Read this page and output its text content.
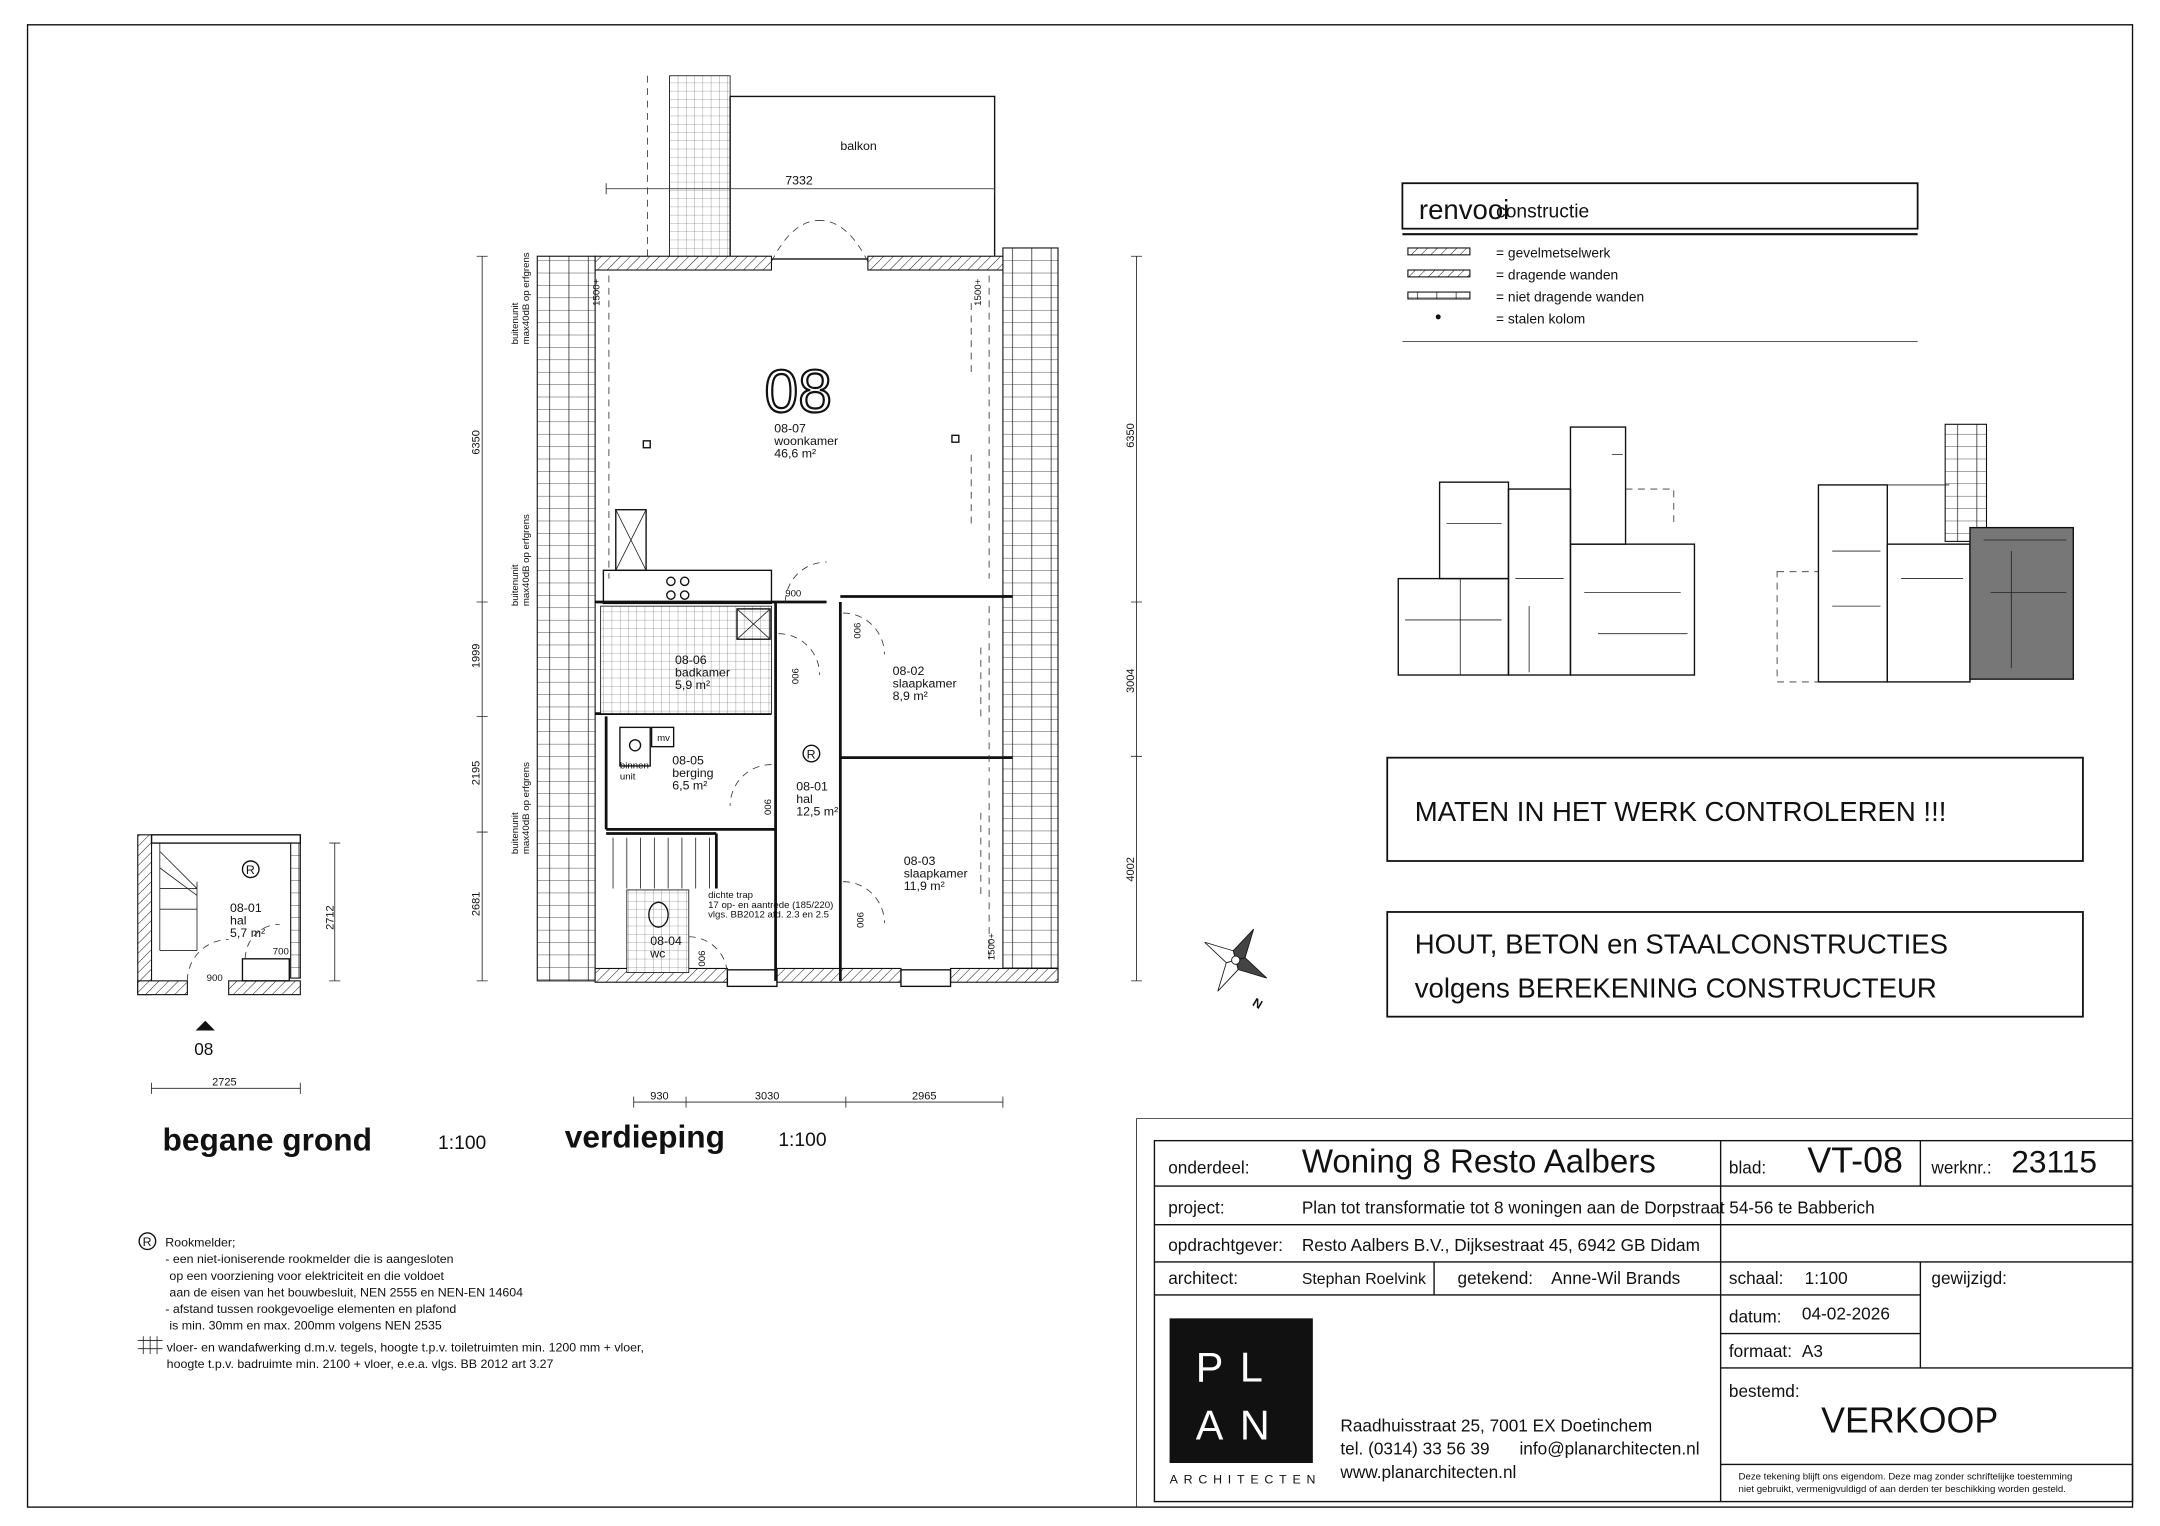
balkon
7332
mv
binnen
unit
900
900
900
900
900
900
1500+	1500+
1500+
08
08-07
woonkamer
46,6 m²
08-06
badkamer
5,9 m²
08-05
berging
6,5 m²	08-01
hal
12,5 m²
08-02
slaapkamer
8,9 m²
08-03
slaapkamer
11,9 m²
08-04
wc
R
dichte trap
17 op- en aantrede (185/220)
vlgs. BB2012 afd. 2.3 en 2.5
buitenunit max40dB op erfgrens
buitenunit max40dB op erfgrens
buitenunit max40dB op erfgrens
6350
1999
2195
2681
6350
3004
4002
930	3030	2965
verdieping	1:100
R
08-01
hal
5,7 m²
900
700
2712
08
2725
begane grond	1:100
R Rookmelder;
- een niet-ioniserende rookmelder die is aangesloten
op een voorziening voor elektriciteit en die voldoet
aan de eisen van het bouwbesluit, NEN 2555 en NEN-EN 14604
- afstand tussen rookgevoelige elementen en plafond
is min. 30mm en max. 200mm volgens NEN 2535
vloer- en wandafwerking d.m.v. tegels, hoogte t.p.v. toiletruimten min. 1200 mm + vloer,
hoogte t.p.v. badruimte min. 2100 + vloer, e.e.a. vlgs. BB 2012 art 3.27
renvooi
constructie
= gevelmetselwerk
= dragende wanden
= niet dragende wanden
= stalen kolom
MATEN IN HET WERK CONTROLEREN !!!
HOUT, BETON en STAALCONSTRUCTIES
volgens BEREKENING CONSTRUCTEUR
N
onderdeel: Woning 8 Resto Aalbers	blad: VT-08 werknr.: 23115
project:	Plan tot transformatie tot 8 woningen aan de Dorpstraat 54-56 te Babberich
opdrachtgever: Resto Aalbers B.V., Dijksestraat 45, 6942 GB Didam
architect:	Stephan Roelvink	getekend: Anne-Wil Brands	schaal: 1:100	gewijzigd:
datum: 04-02-2026
formaat: A3
bestemd:
VERKOOP
Deze tekening blijft ons eigendom. Deze mag zonder schriftelijke toestemming
niet gebruikt, vermenigvuldigd of aan derden ter beschikking worden gesteld.
PL
AN
ARCHITECTEN
Raadhuisstraat 25, 7001 EX Doetinchem
tel. (0314) 33 56 39 info@planarchitecten.nl
www.planarchitecten.nl
